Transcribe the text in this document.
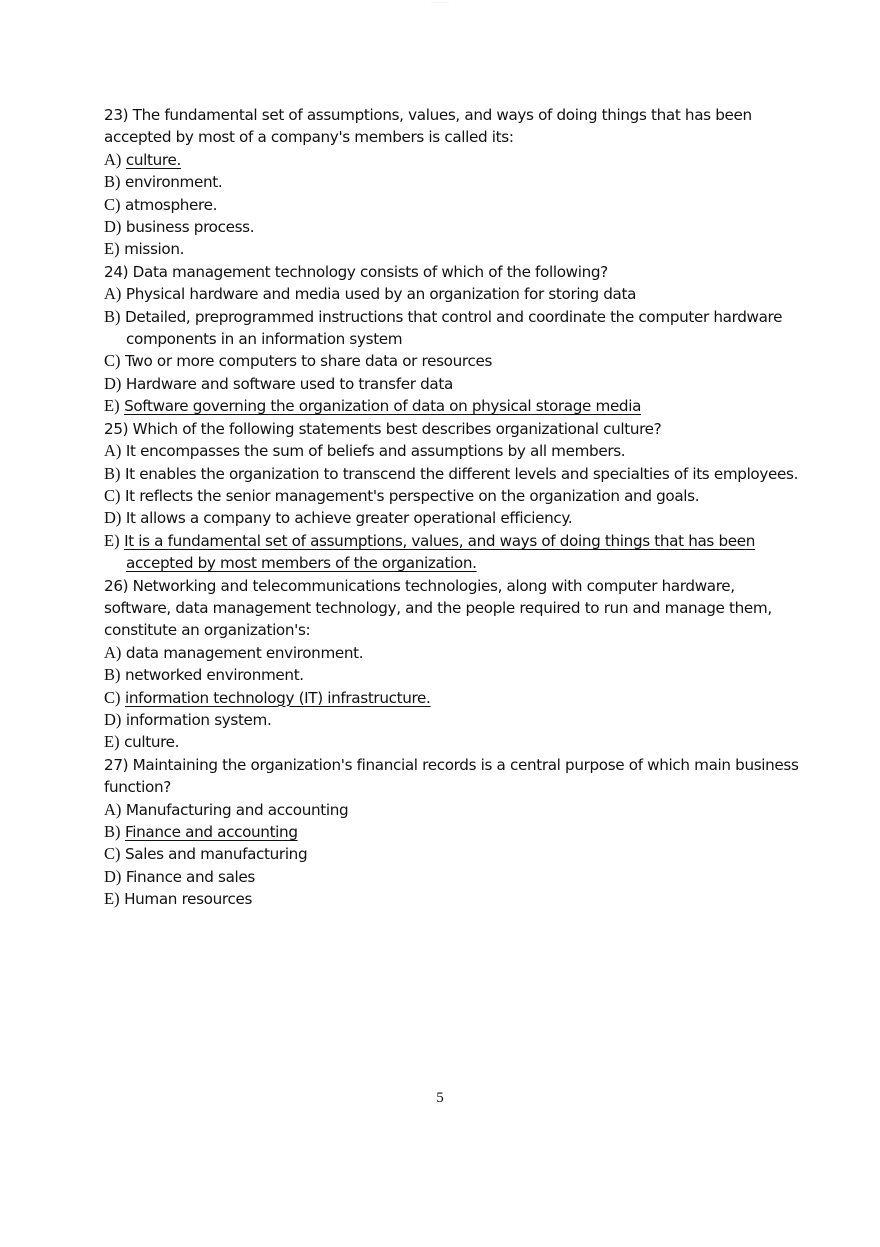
...................
23) The fundamental set of assumptions, values, and ways of doing things that has been
accepted by most of a company's members is called its:
A) culture.
B) environment.
C) atmosphere.
D) business process.
E) mission.
24) Data management technology consists of which of the following?
A) Physical hardware and media used by an organization for storing data
B) Detailed, preprogrammed instructions that control and coordinate the computer hardware
components in an information system
C) Two or more computers to share data or resources
D) Hardware and software used to transfer data
E) Software governing the organization of data on physical storage media
25) Which of the following statements best describes organizational culture?
A) It encompasses the sum of beliefs and assumptions by all members.
B) It enables the organization to transcend the different levels and specialties of its employees.
C) It reflects the senior management's perspective on the organization and goals.
D) It allows a company to achieve greater operational efficiency.
E) It is a fundamental set of assumptions, values, and ways of doing things that has been
accepted by most members of the organization.
26) Networking and telecommunications technologies, along with computer hardware,
software, data management technology, and the people required to run and manage them,
constitute an organization's:
A) data management environment.
B) networked environment.
C) information technology (IT) infrastructure.
D) information system.
E) culture.
27) Maintaining the organization's financial records is a central purpose of which main business
function?
A) Manufacturing and accounting
B) Finance and accounting
C) Sales and manufacturing
D) Finance and sales
E) Human resources
5
